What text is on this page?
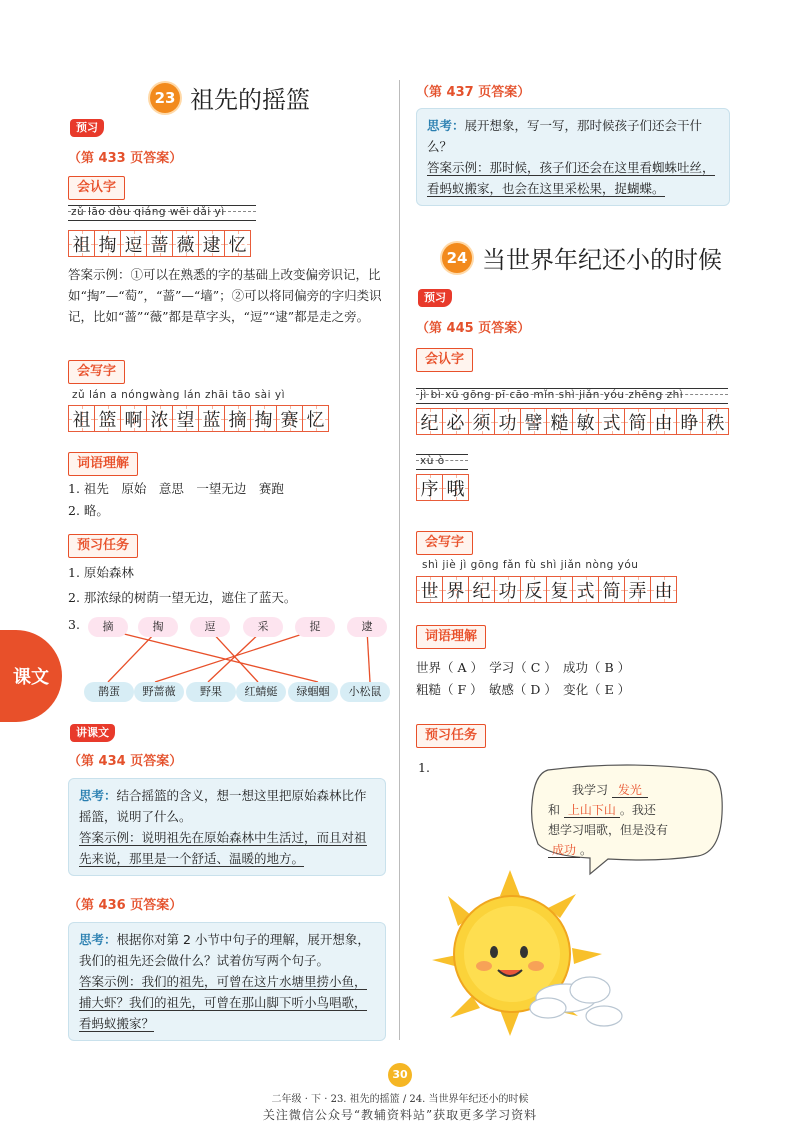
23 祖先的摇篮
预习
（第 433 页答案）
会认字
zǔ lāo dòu qiáng wēi dǎi yì
祖 掏 逗 蔷 薇 逮 忆
答案示例：①可以在熟悉的字的基础上改变偏旁识记，比如“掏”—“萄”，“蔷”—“墙”；②可以将同偏旁的字归类识记，比如“蔷”“薇”都是草字头，“逗”“逮”都是走之旁。
会写字
zǔ lán a nóngwàng lán zhāi tāo sài yì
祖 篮 啊 浓 望 蓝 摘 掏 赛 忆
词语理解
1. 祖先　原始　意思　一望无边　赛跑
2. 略。
预习任务
1. 原始森林
2. 那浓绿的树荫一望无边，遮住了蓝天。
3.	摘	掏	逗	采	捉	逮
鹊蛋	野蔷薇	野果	红蜻蜓	绿蝈蝈	小松鼠
课文
讲课文
（第 434 页答案）
思考：结合摇篮的含义，想一想这里把原始森林比作摇篮，说明了什么。
答案示例：说明祖先在原始森林中生活过，而且对祖先来说，那里是一个舒适、温暖的地方。
（第 436 页答案）
思考：根据你对第 2 小节中句子的理解，展开想象，我们的祖先还会做什么？试着仿写两个句子。
答案示例：我们的祖先，可曾在这片水塘里捞小鱼，捕大虾？我们的祖先，可曾在那山脚下听小鸟唱歌，看蚂蚁搬家？
（第 437 页答案）
思考：展开想象，写一写，那时候孩子们还会干什么？
答案示例：那时候，孩子们还会在这里看蜘蛛吐丝，看蚂蚁搬家，也会在这里采松果，捉蝴蝶。
24 当世界年纪还小的时候
预习
（第 445 页答案）
会认字
jì bì xū gōng pī cāo mǐn shì jiǎn yóu zhēng zhì
纪 必 须 功 譬 糙 敏 式 简 由 睁 秩
xù ò
序 哦
会写字
shì jiè jì gōng fǎn fù shì jiǎn nòng yóu
世 界 纪 功 反 复 式 简 弄 由
词语理解
世界（ A ）　学习（ C ）　成功（ B ）
粗糙（ F ）　敏感（ D ）　变化（ E ）
预习任务
1.
　　我学习 发光
和 上山下山 。我还
想学习唱歌，但是没有
成功 。
30
二年级 · 下 · 23. 祖先的摇篮 / 24. 当世界年纪还小的时候
关注微信公众号“教辅资料站”获取更多学习资料
